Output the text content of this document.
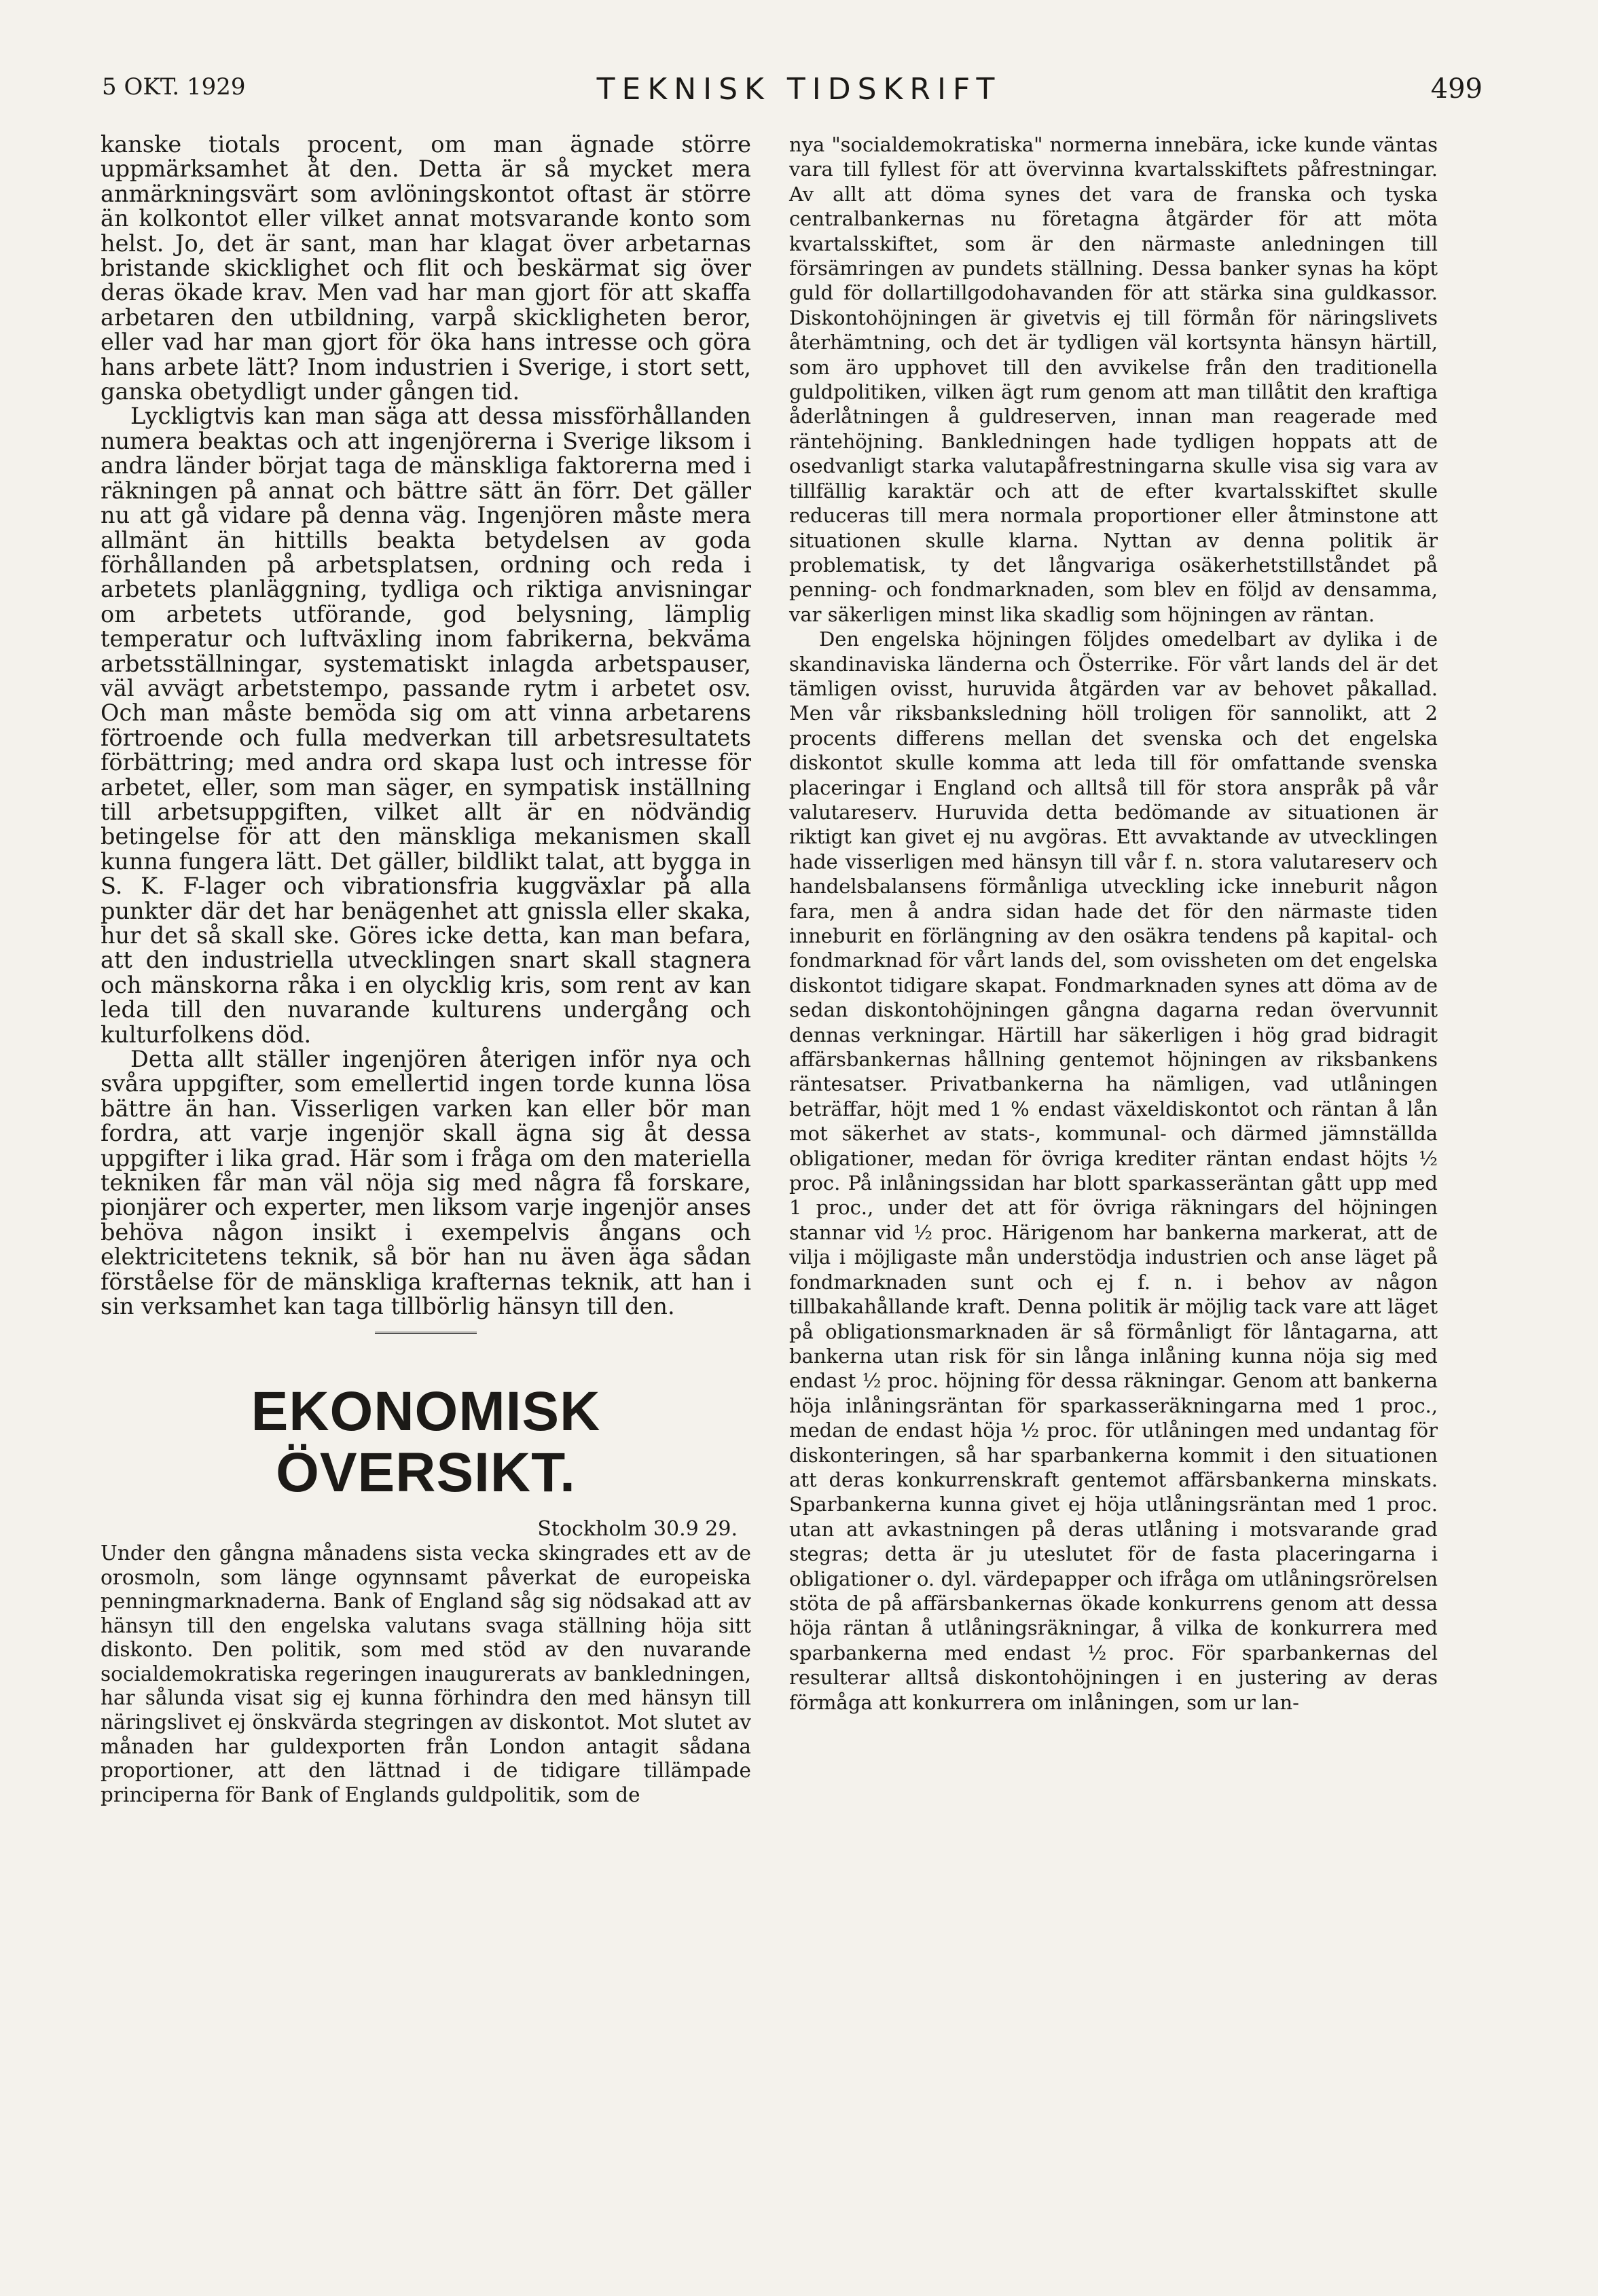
5 OKT. 1929	TEKNISK TIDSKRIFT	499

kanske tiotals procent, om man ägnade större uppmärksamhet åt den. Detta är så mycket mera anmärkningsvärt som avlöningskontot oftast är större än kolkontot eller vilket annat motsvarande konto som helst. Jo, det är sant, man har klagat över arbetarnas bristande skicklighet och flit och beskärmat sig över deras ökade krav. Men vad har man gjort för att skaffa arbetaren den utbildning, varpå skickligheten beror, eller vad har man gjort för öka hans intresse och göra hans arbete lätt? Inom industrien i Sverige, i stort sett, ganska obetydligt under gången tid.

Lyckligtvis kan man säga att dessa missförhållanden numera beaktas och att ingenjörerna i Sverige liksom i andra länder börjat taga de mänskliga faktorerna med i räkningen på annat och bättre sätt än förr. Det gäller nu att gå vidare på denna väg. Ingenjören måste mera allmänt än hittills beakta betydelsen av goda förhållanden på arbetsplatsen, ordning och reda i arbetets planläggning, tydliga och riktiga anvisningar om arbetets utförande, god belysning, lämplig temperatur och luftväxling inom fabrikerna, bekväma arbetsställningar, systematiskt inlagda arbetspauser, väl avvägt arbetstempo, passande rytm i arbetet osv. Och man måste bemöda sig om att vinna arbetarens förtroende och fulla medverkan till arbetsresultatets förbättring; med andra ord skapa lust och intresse för arbetet, eller, som man säger, en sympatisk inställning till arbetsuppgiften, vilket allt är en nödvändig betingelse för att den mänskliga mekanismen skall kunna fungera lätt. Det gäller, bildlikt talat, att bygga in S. K. F-lager och vibrationsfria kuggväxlar på alla punkter där det har benägenhet att gnissla eller skaka, hur det så skall ske. Göres icke detta, kan man befara, att den industriella utvecklingen snart skall stagnera och mänskorna råka i en olycklig kris, som rent av kan leda till den nuvarande kulturens undergång och kulturfolkens död.

Detta allt ställer ingenjören återigen inför nya och svåra uppgifter, som emellertid ingen torde kunna lösa bättre än han. Visserligen varken kan eller bör man fordra, att varje ingenjör skall ägna sig åt dessa uppgifter i lika grad. Här som i fråga om den materiella tekniken får man väl nöja sig med några få forskare, pionjärer och experter, men liksom varje ingenjör anses behöva någon insikt i exempelvis ångans och elektricitetens teknik, så bör han nu även äga sådan förståelse för de mänskliga krafternas teknik, att han i sin verksamhet kan taga tillbörlig hänsyn till den.

EKONOMISK ÖVERSIKT.

Stockholm 30.9 29.

Under den gångna månadens sista vecka skingrades ett av de orosmoln, som länge ogynnsamt påverkat de europeiska penningmarknaderna. Bank of England såg sig nödsakad att av hänsyn till den engelska valutans svaga ställning höja sitt diskonto. Den politik, som med stöd av den nuvarande socialdemokratiska regeringen inaugurerats av bankledningen, har sålunda visat sig ej kunna förhindra den med hänsyn till näringslivet ej önskvärda stegringen av diskontot. Mot slutet av månaden har guldexporten från London antagit sådana proportioner, att den lättnad i de tidigare tillämpade principerna för Bank of Englands guldpolitik, som de

nya "socialdemokratiska" normerna innebära, icke kunde väntas vara till fyllest för att övervinna kvartalsskiftets påfrestningar. Av allt att döma synes det vara de franska och tyska centralbankernas nu företagna åtgärder för att möta kvartalsskiftet, som är den närmaste anledningen till försämringen av pundets ställning. Dessa banker synas ha köpt guld för dollartillgodohavanden för att stärka sina guldkassor. Diskontohöjningen är givetvis ej till förmån för näringslivets återhämtning, och det är tydligen väl kortsynta hänsyn härtill, som äro upphovet till den avvikelse från den traditionella guldpolitiken, vilken ägt rum genom att man tillåtit den kraftiga åderlåtningen å guldreserven, innan man reagerade med räntehöjning. Bankledningen hade tydligen hoppats att de osedvanligt starka valutapåfrestningarna skulle visa sig vara av tillfällig karaktär och att de efter kvartalsskiftet skulle reduceras till mera normala proportioner eller åtminstone att situationen skulle klarna. Nyttan av denna politik är problematisk, ty det långvariga osäkerhetstillståndet på penning- och fondmarknaden, som blev en följd av densamma, var säkerligen minst lika skadlig som höjningen av räntan.

Den engelska höjningen följdes omedelbart av dylika i de skandinaviska länderna och Österrike. För vårt lands del är det tämligen ovisst, huruvida åtgärden var av behovet påkallad. Men vår riksbanksledning höll troligen för sannolikt, att 2 procents differens mellan det svenska och det engelska diskontot skulle komma att leda till för omfattande svenska placeringar i England och alltså till för stora anspråk på vår valutareserv. Huruvida detta bedömande av situationen är riktigt kan givet ej nu avgöras. Ett avvaktande av utvecklingen hade visserligen med hänsyn till vår f. n. stora valutareserv och handelsbalansens förmånliga utveckling icke inneburit någon fara, men å andra sidan hade det för den närmaste tiden inneburit en förlängning av den osäkra tendens på kapital- och fondmarknad för vårt lands del, som ovissheten om det engelska diskontot tidigare skapat. Fondmarknaden synes att döma av de sedan diskontohöjningen gångna dagarna redan övervunnit dennas verkningar. Härtill har säkerligen i hög grad bidragit affärsbankernas hållning gentemot höjningen av riksbankens räntesatser. Privatbankerna ha nämligen, vad utlåningen beträffar, höjt med 1 % endast växeldiskontot och räntan å lån mot säkerhet av stats-, kommunal- och därmed jämnställda obligationer, medan för övriga krediter räntan endast höjts ½ proc. På inlåningssidan har blott sparkasseräntan gått upp med 1 proc., under det att för övriga räkningars del höjningen stannar vid ½ proc. Härigenom har bankerna markerat, att de vilja i möjligaste mån understödja industrien och anse läget på fondmarknaden sunt och ej f. n. i behov av någon tillbakahållande kraft. Denna politik är möjlig tack vare att läget på obligationsmarknaden är så förmånligt för låntagarna, att bankerna utan risk för sin långa inlåning kunna nöja sig med endast ½ proc. höjning för dessa räkningar. Genom att bankerna höja inlåningsräntan för sparkasseräkningarna med 1 proc., medan de endast höja ½ proc. för utlåningen med undantag för diskonteringen, så har sparbankerna kommit i den situationen att deras konkurrenskraft gentemot affärsbankerna minskats. Sparbankerna kunna givet ej höja utlåningsräntan med 1 proc. utan att avkastningen på deras utlåning i motsvarande grad stegras; detta är ju uteslutet för de fasta placeringarna i obligationer o. dyl. värdepapper och ifråga om utlåningsrörelsen stöta de på affärsbankernas ökade konkurrens genom att dessa höja räntan å utlåningsräkningar, å vilka de konkurrera med sparbankerna med endast ½ proc. För sparbankernas del resulterar alltså diskontohöjningen i en justering av deras förmåga att konkurrera om inlåningen, som ur lan-
